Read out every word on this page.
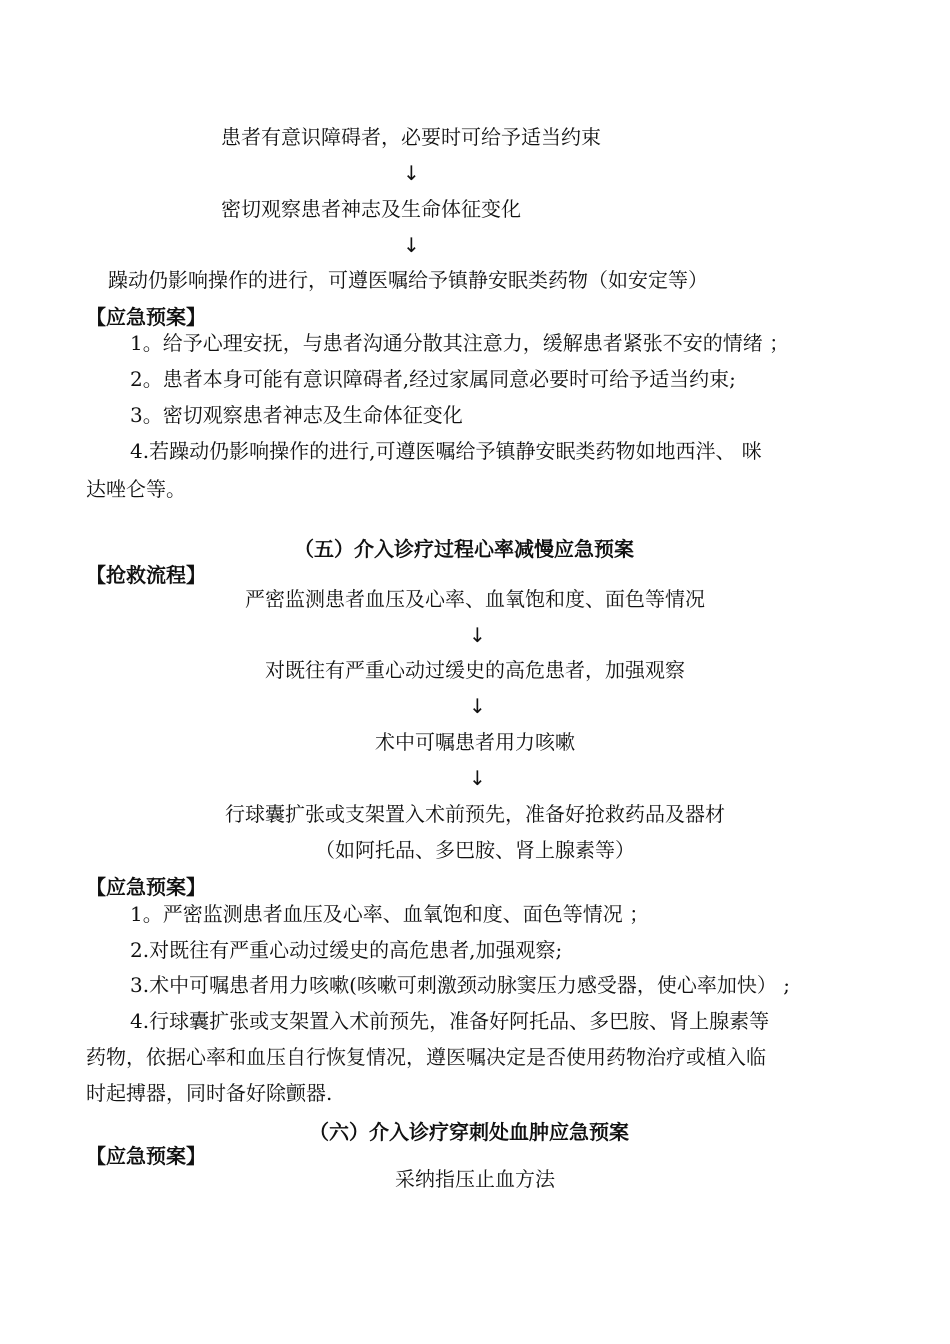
患者有意识障碍者，必要时可给予适当约束
↓
密切观察患者神志及生命体征变化
↓
躁动仍影响操作的进行，可遵医嘱给予镇静安眠类药物（如安定等）
【应急预案】
1。给予心理安抚，与患者沟通分散其注意力，缓解患者紧张不安的情绪 ；
2。患者本身可能有意识障碍者,经过家属同意必要时可给予适当约束;
3。密切观察患者神志及生命体征变化
4.若躁动仍影响操作的进行,可遵医嘱给予镇静安眠类药物如地西泮、 咪
达唑仑等。
（五）介入诊疗过程心率减慢应急预案
【抢救流程】
严密监测患者血压及心率、血氧饱和度、面色等情况
↓
对既往有严重心动过缓史的高危患者，加强观察
↓
术中可嘱患者用力咳嗽
↓
行球囊扩张或支架置入术前预先，准备好抢救药品及器材
（如阿托品、多巴胺、肾上腺素等）
【应急预案】
1。严密监测患者血压及心率、血氧饱和度、面色等情况 ；
2.对既往有严重心动过缓史的高危患者,加强观察;
3.术中可嘱患者用力咳嗽(咳嗽可刺激颈动脉窦压力感受器，使心率加快） ;
4.行球囊扩张或支架置入术前预先，准备好阿托品、多巴胺、肾上腺素等
药物，依据心率和血压自行恢复情况，遵医嘱决定是否使用药物治疗或植入临
时起搏器，同时备好除颤器.
（六）介入诊疗穿刺处血肿应急预案
【应急预案】
采纳指压止血方法
